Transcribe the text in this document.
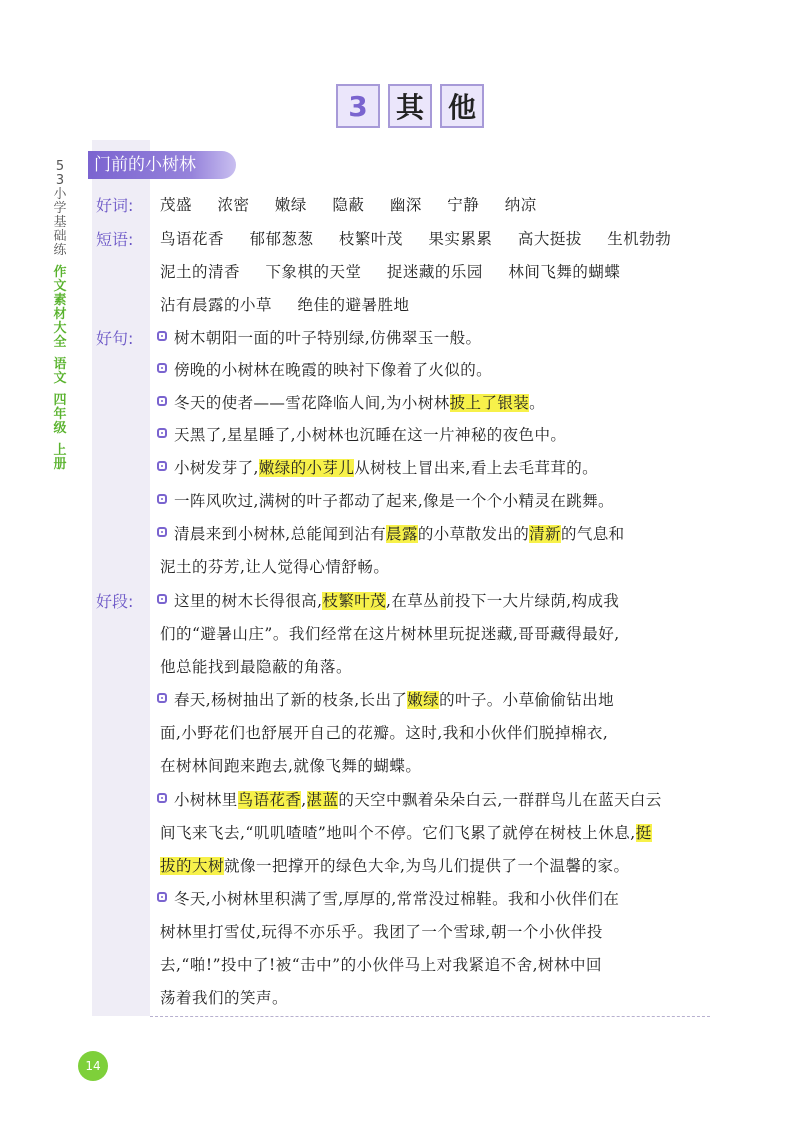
3	其 他
5
3
小
学
基
础
练
作
文
素
材
大
全
语
文
四
年
级
上
册
门前的小树林
好词: 茂盛 浓密 嫩绿 隐蔽 幽深 宁静 纳凉
短语: 鸟语花香 郁郁葱葱 枝繁叶茂 果实累累 高大挺拔 生机勃勃
泥土的清香 下象棋的天堂 捉迷藏的乐园 林间飞舞的蝴蝶
沾有晨露的小草 绝佳的避暑胜地
好句:	树木朝阳一面的叶子特别绿,仿佛翠玉一般。
傍晚的小树林在晚霞的映衬下像着了火似的。
冬天的使者——雪花降临人间,为小树林披上了银装。
天黑了,星星睡了,小树林也沉睡在这一片神秘的夜色中。
小树发芽了,嫩绿的小芽儿从树枝上冒出来,看上去毛茸茸的。
一阵风吹过,满树的叶子都动了起来,像是一个个小精灵在跳舞。
清晨来到小树林,总能闻到沾有晨露的小草散发出的清新的气息和
泥土的芬芳,让人觉得心情舒畅。
好段:	这里的树木长得很高,枝繁叶茂,在草丛前投下一大片绿荫,构成我
们的“避暑山庄”。我们经常在这片树林里玩捉迷藏,哥哥藏得最好,
他总能找到最隐蔽的角落。
春天,杨树抽出了新的枝条,长出了嫩绿的叶子。小草偷偷钻出地
面,小野花们也舒展开自己的花瓣。这时,我和小伙伴们脱掉棉衣,
在树林间跑来跑去,就像飞舞的蝴蝶。
小树林里鸟语花香,湛蓝的天空中飘着朵朵白云,一群群鸟儿在蓝天白云
间飞来飞去,“叽叽喳喳”地叫个不停。它们飞累了就停在树枝上休息,挺
拔的大树就像一把撑开的绿色大伞,为鸟儿们提供了一个温馨的家。
冬天,小树林里积满了雪,厚厚的,常常没过棉鞋。我和小伙伴们在
树林里打雪仗,玩得不亦乐乎。我团了一个雪球,朝一个小伙伴投
去,“啪!”投中了!被“击中”的小伙伴马上对我紧追不舍,树林中回
荡着我们的笑声。
14
